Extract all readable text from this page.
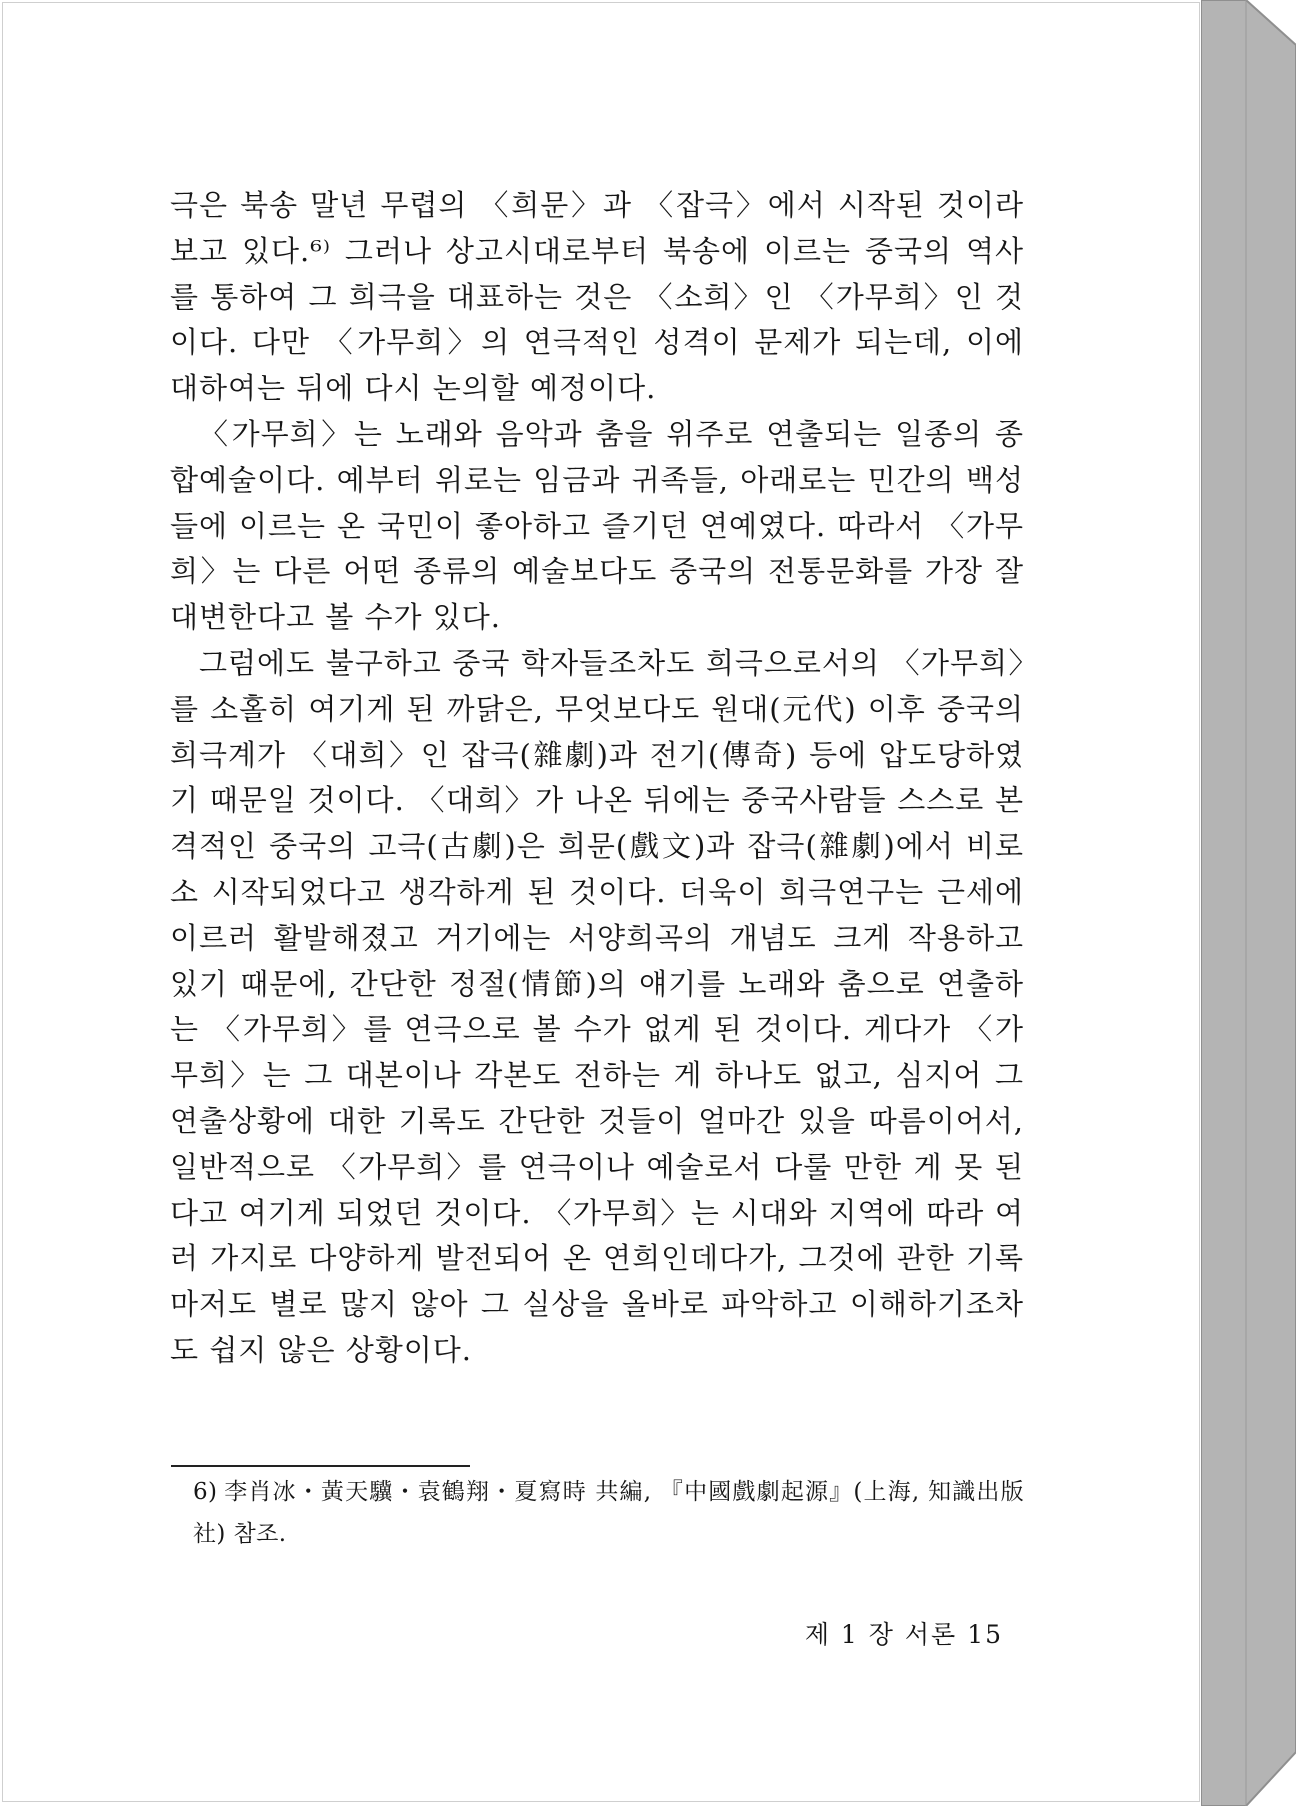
극은 북송 말년 무렵의 〈희문〉과 〈잡극〉에서 시작된 것이라 보고 있다.⁶⁾ 그러나 상고시대로부터 북송에 이르는 중국의 역사를 통하여 그 희극을 대표하는 것은 〈소희〉인 〈가무희〉인 것이다. 다만 〈가무희〉의 연극적인 성격이 문제가 되는데, 이에 대하여는 뒤에 다시 논의할 예정이다.

〈가무희〉는 노래와 음악과 춤을 위주로 연출되는 일종의 종합예술이다. 예부터 위로는 임금과 귀족들, 아래로는 민간의 백성들에 이르는 온 국민이 좋아하고 즐기던 연예였다. 따라서 〈가무희〉는 다른 어떤 종류의 예술보다도 중국의 전통문화를 가장 잘 대변한다고 볼 수가 있다.

그럼에도 불구하고 중국 학자들조차도 희극으로서의 〈가무희〉를 소홀히 여기게 된 까닭은, 무엇보다도 원대(元代) 이후 중국의 희극계가 〈대희〉인 잡극(雜劇)과 전기(傳奇) 등에 압도당하였기 때문일 것이다. 〈대희〉가 나온 뒤에는 중국사람들 스스로 본격적인 중국의 고극(古劇)은 희문(戲文)과 잡극(雜劇)에서 비로소 시작되었다고 생각하게 된 것이다. 더욱이 희극연구는 근세에 이르러 활발해졌고 거기에는 서양희곡의 개념도 크게 작용하고 있기 때문에, 간단한 정절(情節)의 얘기를 노래와 춤으로 연출하는 〈가무희〉를 연극으로 볼 수가 없게 된 것이다. 게다가 〈가무희〉는 그 대본이나 각본도 전하는 게 하나도 없고, 심지어 그 연출상황에 대한 기록도 간단한 것들이 얼마간 있을 따름이어서, 일반적으로 〈가무희〉를 연극이나 예술로서 다룰 만한 게 못 된다고 여기게 되었던 것이다. 〈가무희〉는 시대와 지역에 따라 여러 가지로 다양하게 발전되어 온 연희인데다가, 그것에 관한 기록마저도 별로 많지 않아 그 실상을 올바로 파악하고 이해하기조차도 쉽지 않은 상황이다.

6) 李肖冰・黃天驥・袁鶴翔・夏寫時 共編, 『中國戲劇起源』(上海, 知識出版社) 참조.
제 1 장 서론 15
